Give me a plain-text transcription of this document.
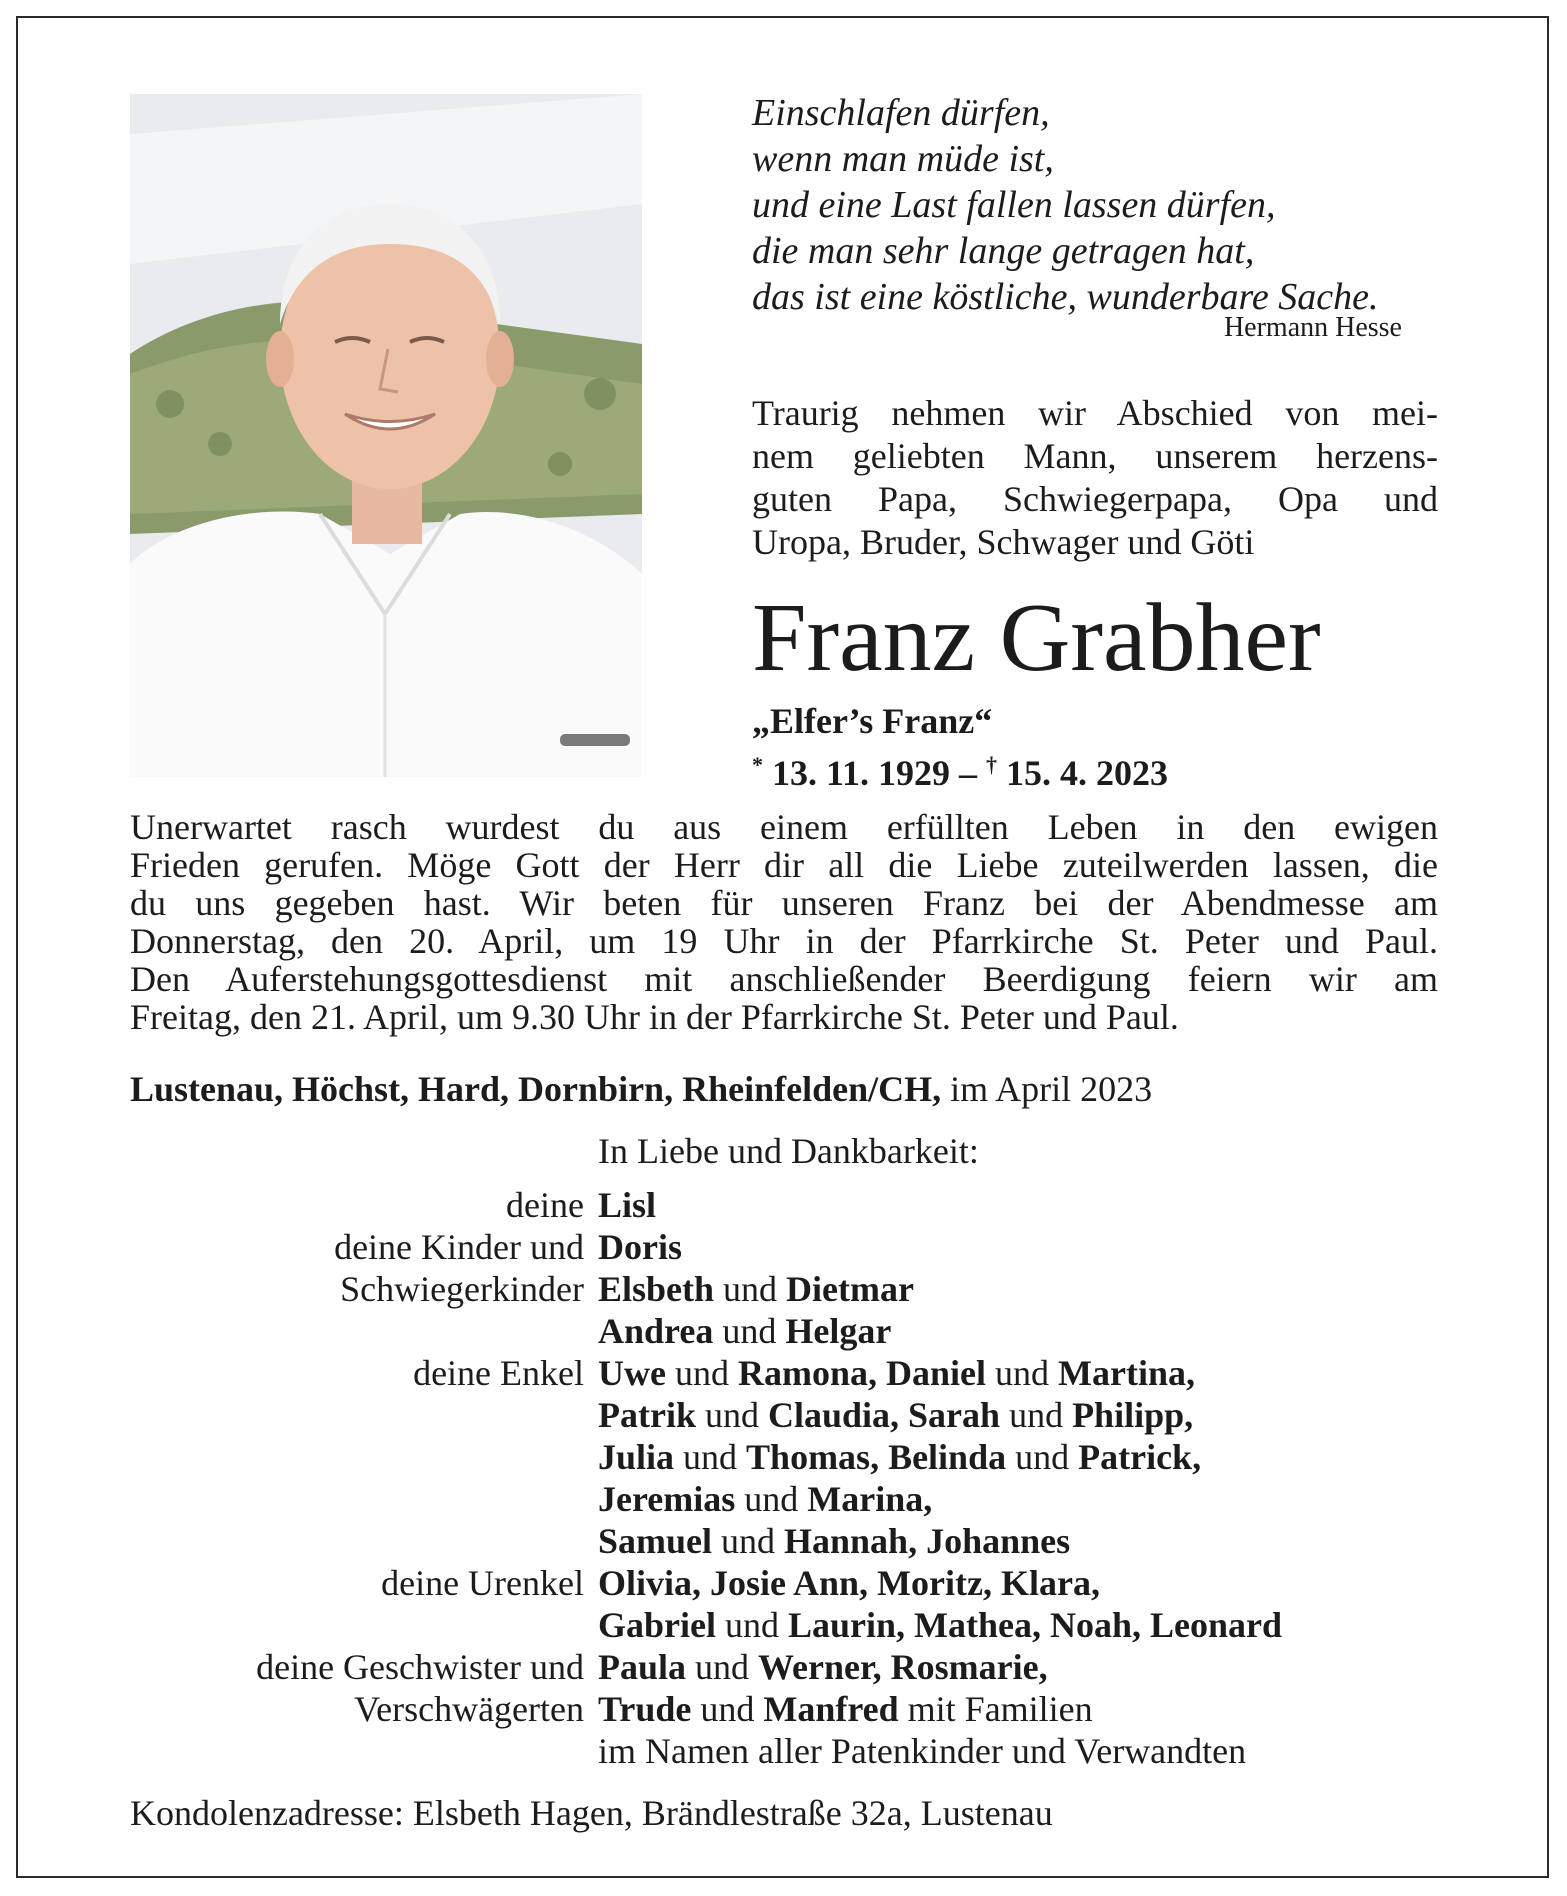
Einschlafen dürfen,
wenn man müde ist,
und eine Last fallen lassen dürfen,
die man sehr lange getragen hat,
das ist eine köstliche, wunderbare Sache.
Hermann Hesse
Traurig nehmen wir Abschied von mei-
nem geliebten Mann, unserem herzens-
guten Papa, Schwiegerpapa, Opa und
Uropa, Bruder, Schwager und Göti
Franz Grabher
„Elfer’s Franz“
* 13. 11. 1929 – † 15. 4. 2023
Unerwartet rasch wurdest du aus einem erfüllten Leben in den ewigen
Frieden gerufen. Möge Gott der Herr dir all die Liebe zuteilwerden lassen, die
du uns gegeben hast. Wir beten für unseren Franz bei der Abendmesse am
Donnerstag, den 20. April, um 19 Uhr in der Pfarrkirche St. Peter und Paul.
Den Auferstehungsgottesdienst mit anschließender Beerdigung feiern wir am
Freitag, den 21. April, um 9.30 Uhr in der Pfarrkirche St. Peter und Paul.
Lustenau, Höchst, Hard, Dornbirn, Rheinfelden/CH, im April 2023
In Liebe und Dankbarkeit:
deine Lisl
deine Kinder und Doris
Schwiegerkinder Elsbeth und Dietmar
Andrea und Helgar
deine Enkel Uwe und Ramona, Daniel und Martina,
Patrik und Claudia, Sarah und Philipp,
Julia und Thomas, Belinda und Patrick,
Jeremias und Marina,
Samuel und Hannah, Johannes
deine Urenkel Olivia, Josie Ann, Moritz, Klara,
Gabriel und Laurin, Mathea, Noah, Leonard
deine Geschwister und Paula und Werner, Rosmarie,
Verschwägerten Trude und Manfred mit Familien
im Namen aller Patenkinder und Verwandten
Kondolenzadresse: Elsbeth Hagen, Brändlestraße 32a, Lustenau
